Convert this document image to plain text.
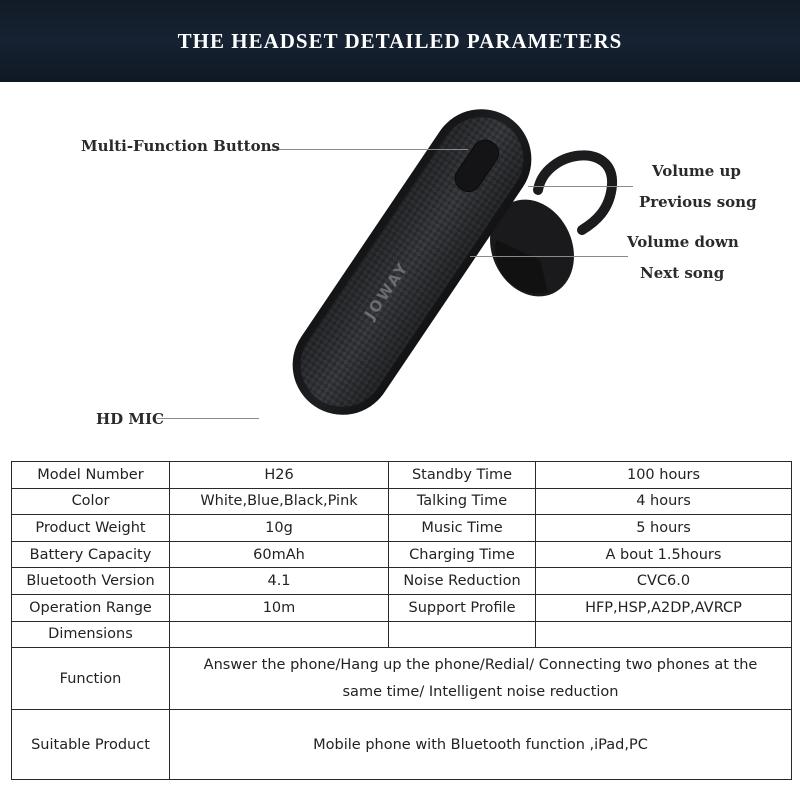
THE HEADSET DETAILED PARAMETERS
JOWAY
Multi-Function Buttons
Volume up
Previous song
Volume down
Next song
HD MIC
Model Number	H26	Standby Time	100 hours
Color	White,Blue,Black,Pink	Talking Time	4 hours
Product Weight	10g	Music Time	5 hours
Battery Capacity	60mAh	Charging Time	A bout 1.5hours
Bluetooth Version	4.1	Noise Reduction	CVC6.0
Operation Range	10m	Support Profile	HFP,HSP,A2DP,AVRCP
Dimensions			
Function	Answer the phone/Hang up the phone/Redial/ Connecting two phones at the same time/ Intelligent noise reduction		
Suitable Product	Mobile phone with Bluetooth function ,iPad,PC		
